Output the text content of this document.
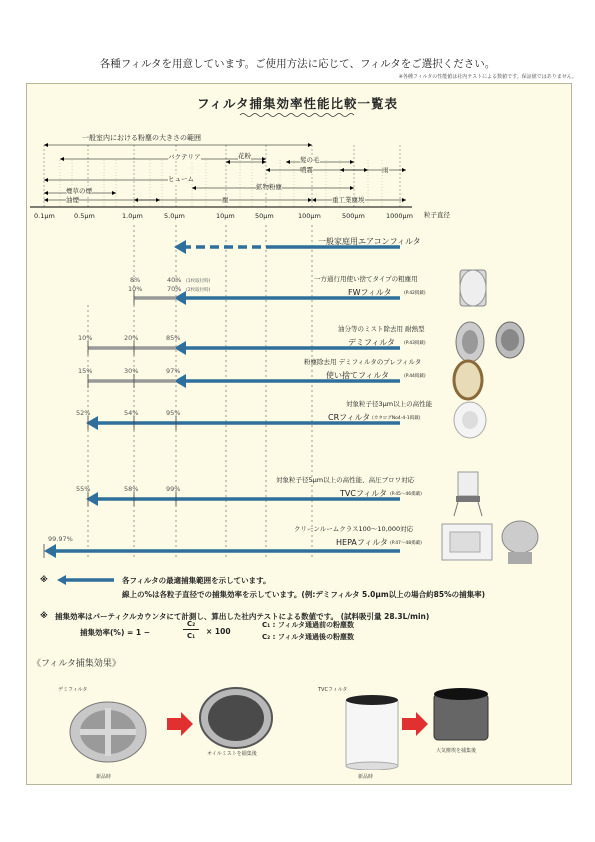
各種フィルタを用意しています。ご使用方法に応じて、フィルタをご選択ください。
※各種フィルタの性能値は社内テストによる数値です。保証値ではありません。
フィルタ捕集効率性能比較一覧表
一般室内における粉塵の大きさの範囲
バクテリア	花粉	髪の毛
噴霧	雨
ヒューム
鉱物粉塵
煙草の煙
油煙	塵	重工業塵埃
0.1μm	0.5μm	1.0μm	5.0μm	10μm	50μm	100μm	500μm	1000μm 粒子直径
一般家庭用エアコンフィルタ
8%
10%
40%
70%
(1枚取付時)
(2枚取付時)
一方通行用使い捨てタイプの粗塵用
FWフィルタ	(P.42掲載)
10%	20%	85%
油分等のミスト除去用 耐熱型
デミフィルタ (P.43掲載)
15%	30%	97%
粉塵除去用 デミフィルタのプレフィルタ
使い捨てフィルタ	(P.44掲載)
52%	54%	95%
対象粒子径3μm以上の高性能
CRフィルタ (カタログNo4-4-1掲載)
55%	58%	99%
対象粒子径5μm以上の高性能、高圧ブロワ対応
TVCフィルタ (P.45～46掲載)
99.97%
クリーンルームクラス100～10,000対応
HEPAフィルタ (P.47～48掲載)
※	各フィルタの最適捕集範囲を示しています。
線上の%は各粒子直径での捕集効率を示しています。(例:デミフィルタ 5.0μm以上の場合約85%の捕集率)
※ 捕集効率はパーティクルカウンタにて計測し、算出した社内テストによる数値です。 (試料吸引量 28.3L/min)
捕集効率(%) = 1 −
C₂
C₁ × 100
C₁ : フィルタ通過前の粉塵数
C₂ : フィルタ通過後の粉塵数
《フィルタ捕集効果》
デミフィルタ
新品時
オイルミストを捕集後
TVCフィルタ
新品時
大気塵埃を捕集後
